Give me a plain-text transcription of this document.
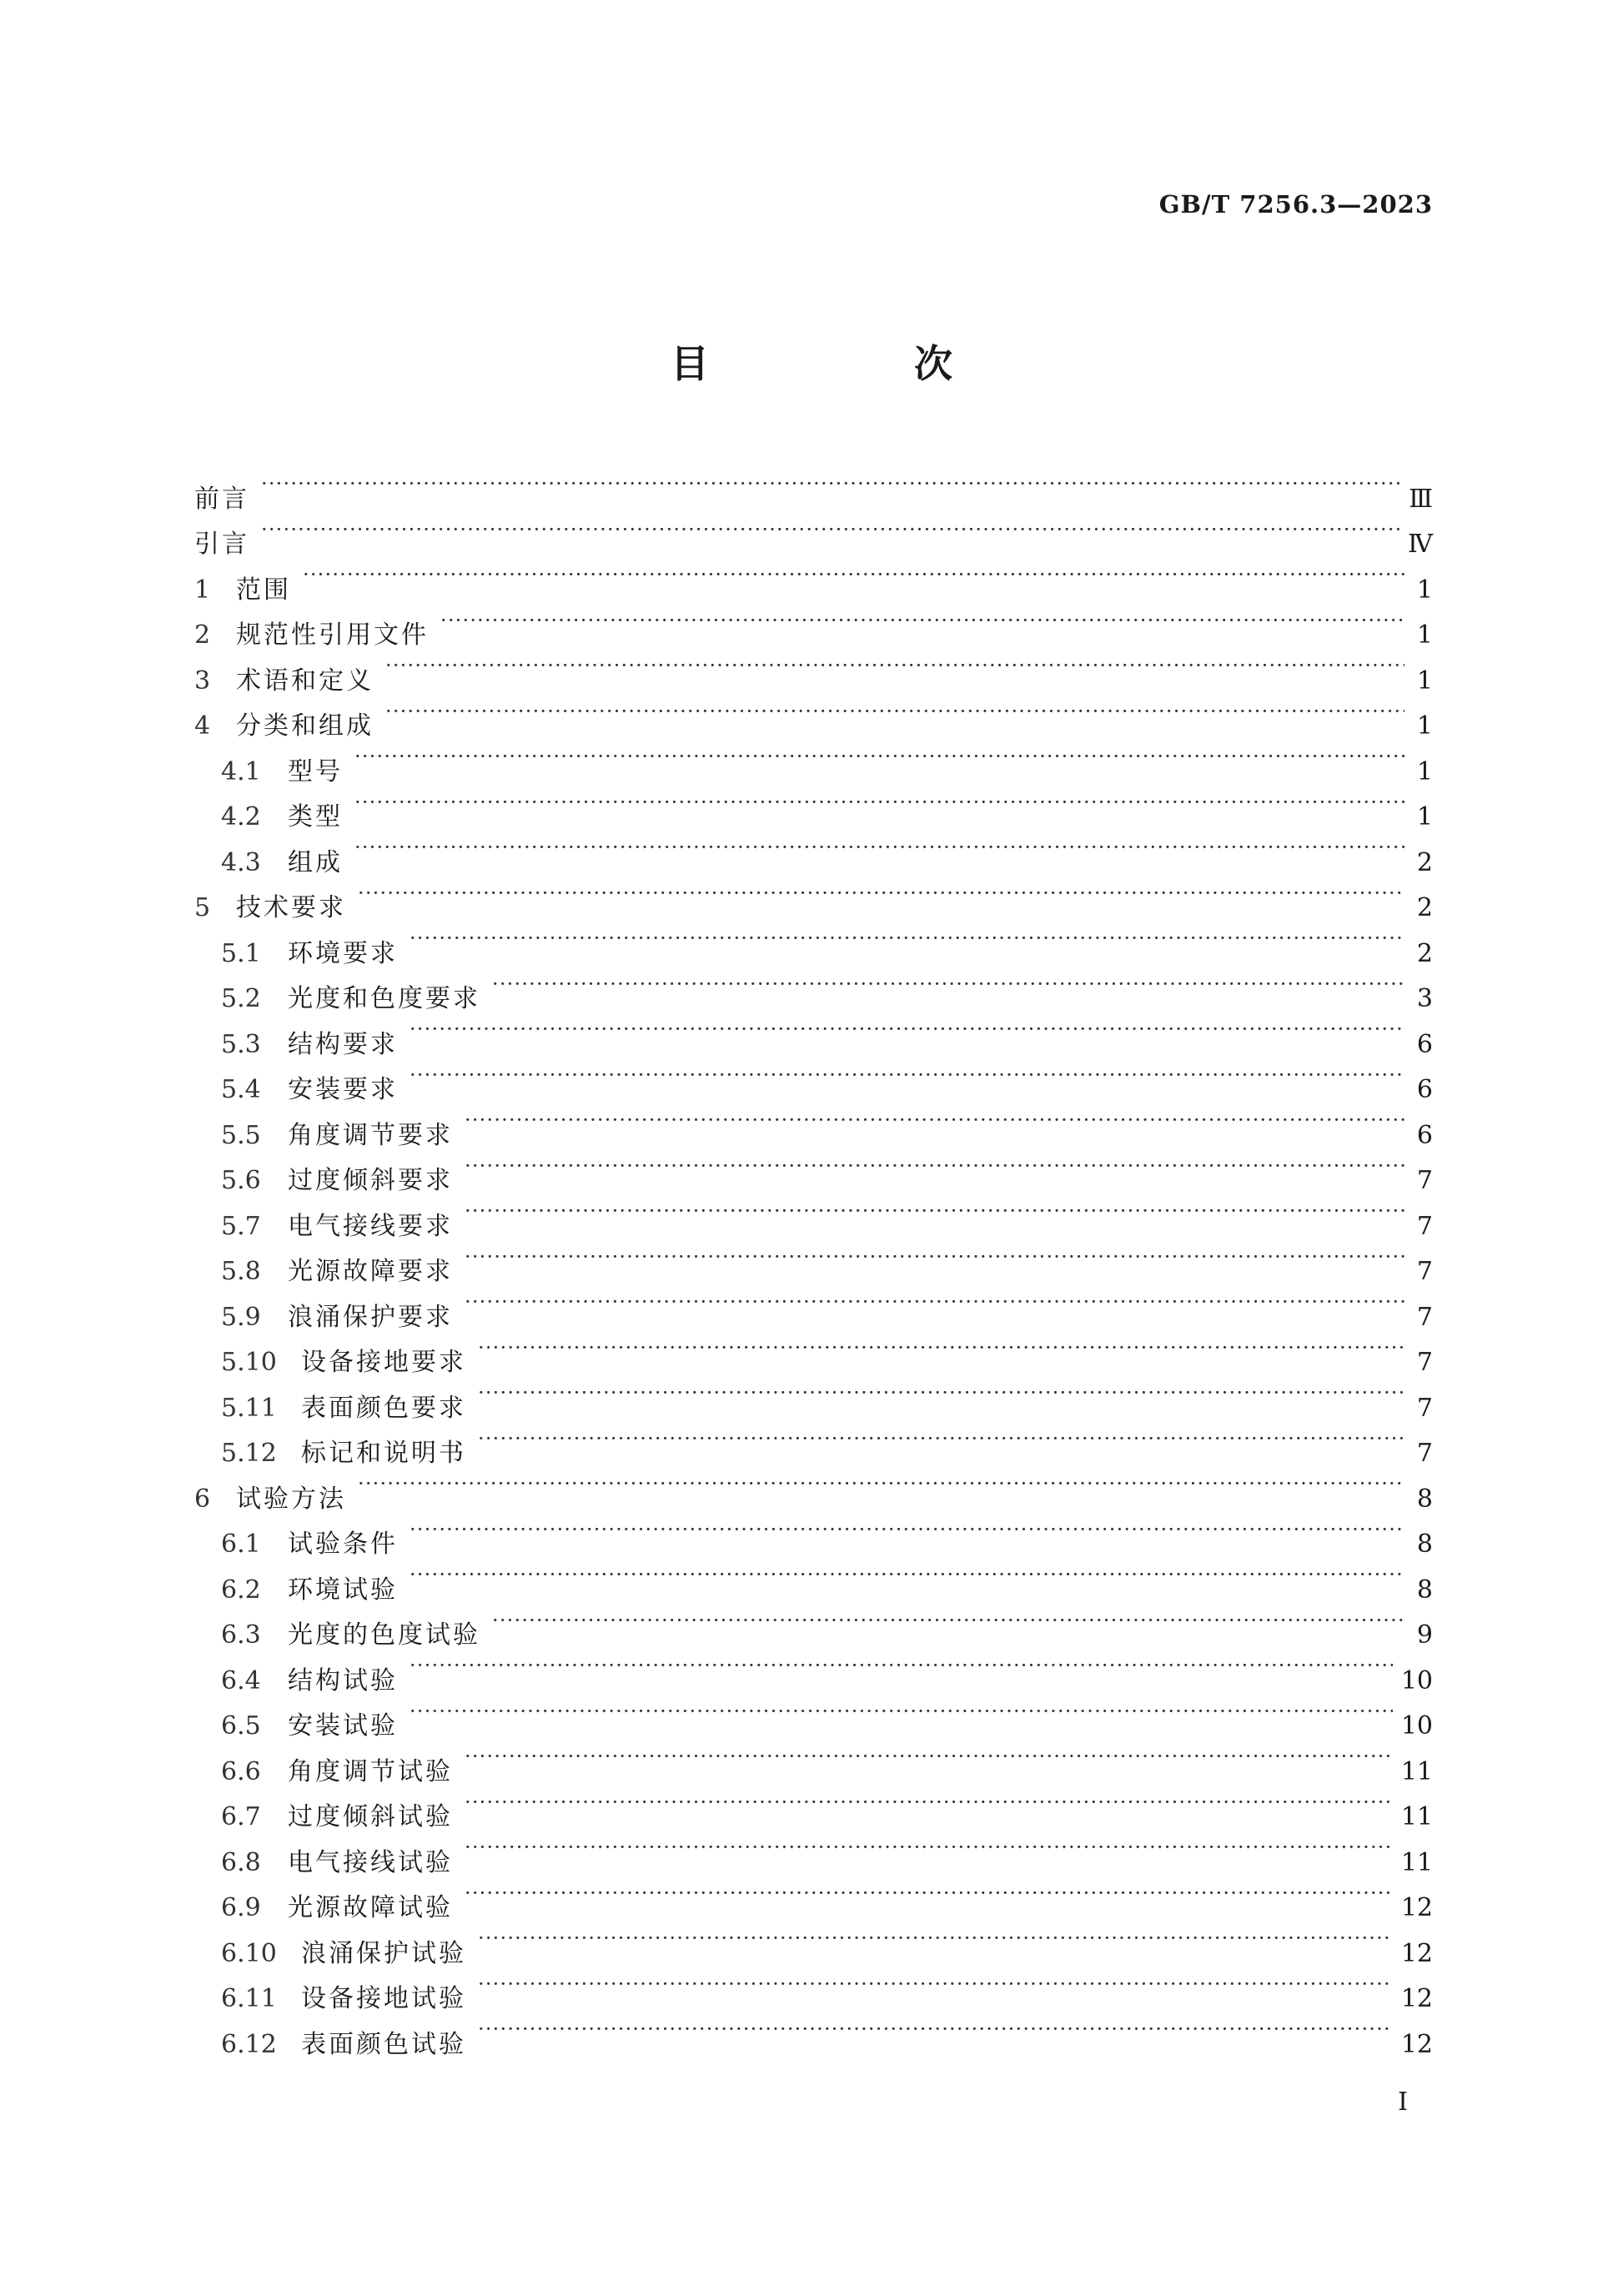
GB/T 7256.3—2023
目　次
前言 ·····	Ⅲ
引言 ·····	Ⅳ
1	范围 ·····	1
2	规范性引用文件 ·····	1
3	术语和定义 ·····	1
4	分类和组成 ·····	1
4.1	型号 ·····	1
4.2	类型 ·····	1
4.3	组成 ·····	2
5	技术要求 ·····	2
5.1	环境要求 ·····	2
5.2	光度和色度要求 ·····	3
5.3	结构要求 ·····	6
5.4	安装要求 ·····	6
5.5	角度调节要求 ·····	6
5.6	过度倾斜要求 ·····	7
5.7	电气接线要求 ·····	7
5.8	光源故障要求 ·····	7
5.9	浪涌保护要求 ·····	7
5.10 设备接地要求 ·····	7
5.11 表面颜色要求 ·····	7
5.12 标记和说明书 ·····	7
6	试验方法 ·····	8
6.1	试验条件 ·····	8
6.2	环境试验 ·····	8
6.3	光度的色度试验 ·····	9
6.4	结构试验 ·····	10
6.5	安装试验 ·····	10
6.6	角度调节试验 ·····	11
6.7	过度倾斜试验 ·····	11
6.8	电气接线试验 ·····	11
6.9	光源故障试验 ·····	12
6.10 浪涌保护试验 ·····	12
6.11 设备接地试验 ·····	12
6.12 表面颜色试验 ·····	12
I
